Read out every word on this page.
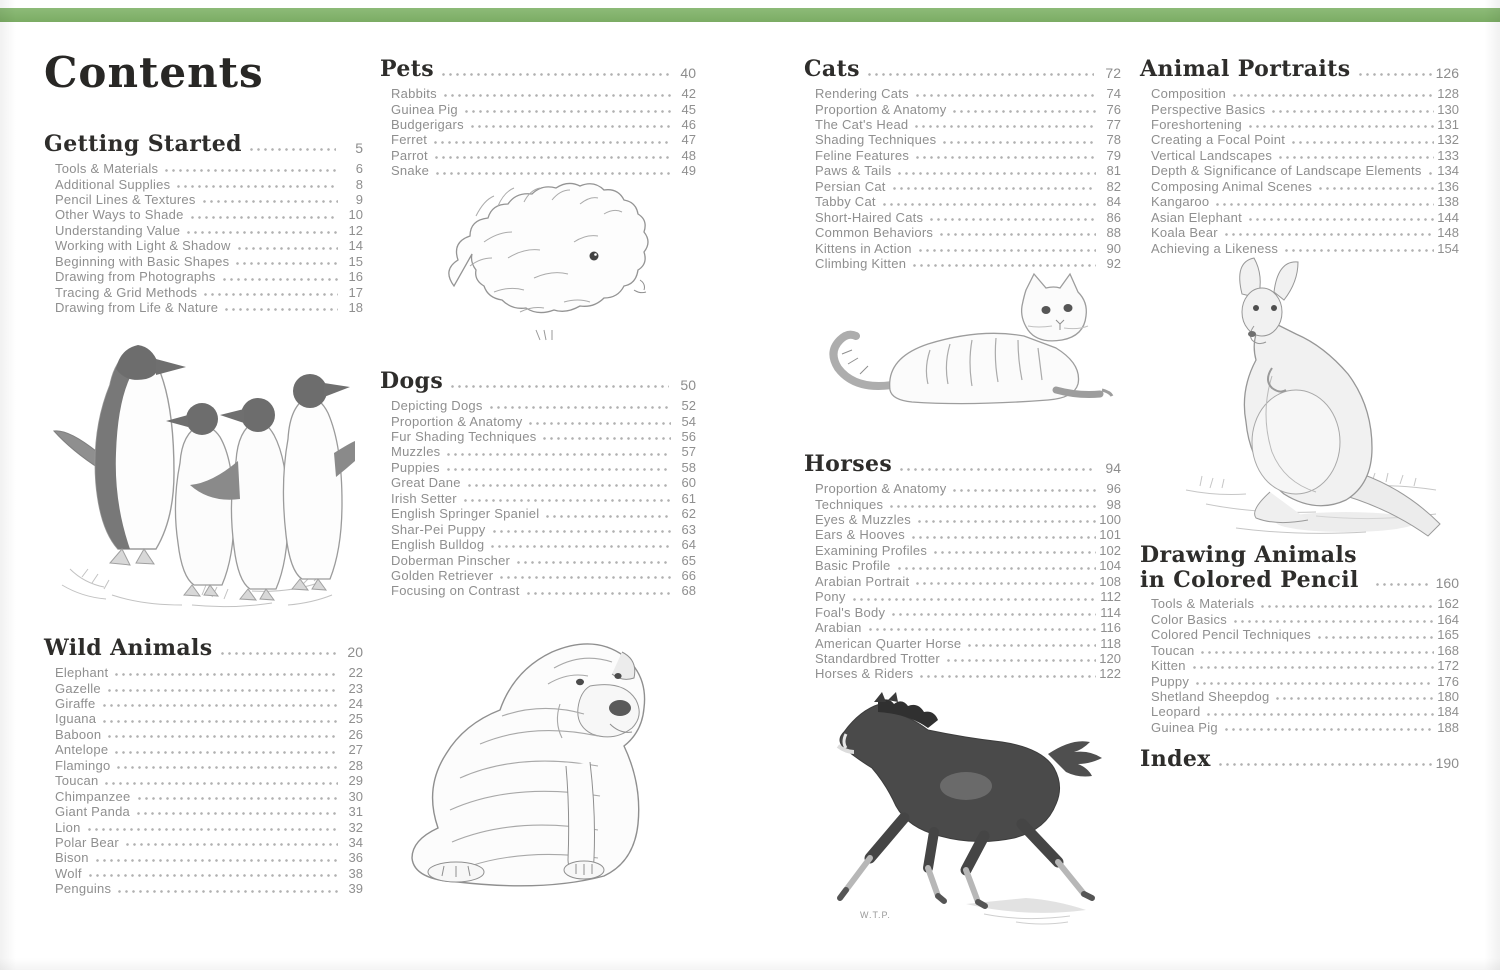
Contents
Getting Started	5
Tools & Materials	6
Additional Supplies	8
Pencil Lines & Textures	9
Other Ways to Shade	10
Understanding Value	12
Working with Light & Shadow	14
Beginning with Basic Shapes	15
Drawing from Photographs	16
Tracing & Grid Methods	17
Drawing from Life & Nature	18
Wild Animals	20
Elephant	22
Gazelle	23
Giraffe	24
Iguana	25
Baboon	26
Antelope	27
Flamingo	28
Toucan	29
Chimpanzee	30
Giant Panda	31
Lion	32
Polar Bear	34
Bison	36
Wolf	38
Penguins	39
Pets	40
Rabbits	42
Guinea Pig	45
Budgerigars	46
Ferret	47
Parrot	48
Snake	49
Dogs	50
Depicting Dogs	52
Proportion & Anatomy	54
Fur Shading Techniques	56
Muzzles	57
Puppies	58
Great Dane	60
Irish Setter	61
English Springer Spaniel	62
Shar-Pei Puppy	63
English Bulldog	64
Doberman Pinscher	65
Golden Retriever	66
Focusing on Contrast	68
Cats	72
Rendering Cats	74
Proportion & Anatomy	76
The Cat's Head	77
Shading Techniques	78
Feline Features	79
Paws & Tails	81
Persian Cat	82
Tabby Cat	84
Short-Haired Cats	86
Common Behaviors	88
Kittens in Action	90
Climbing Kitten	92
Horses	94
Proportion & Anatomy	96
Techniques	98
Eyes & Muzzles	100
Ears & Hooves	101
Examining Profiles	102
Basic Profile	104
Arabian Portrait	108
Pony	112
Foal's Body	114
Arabian	116
American Quarter Horse	118
Standardbred Trotter	120
Horses & Riders	122
Animal Portraits	126
Composition	128
Perspective Basics	130
Foreshortening	131
Creating a Focal Point	132
Vertical Landscapes	133
Depth & Significance of Landscape Elements 134
Composing Animal Scenes	136
Kangaroo	138
Asian Elephant	144
Koala Bear	148
Achieving a Likeness	154
Drawing Animals in Colored Pencil	160
Tools & Materials	162
Color Basics	164
Colored Pencil Techniques	165
Toucan	168
Kitten	172
Puppy	176
Shetland Sheepdog	180
Leopard	184
Guinea Pig	188
Index	190
W.T.P.
